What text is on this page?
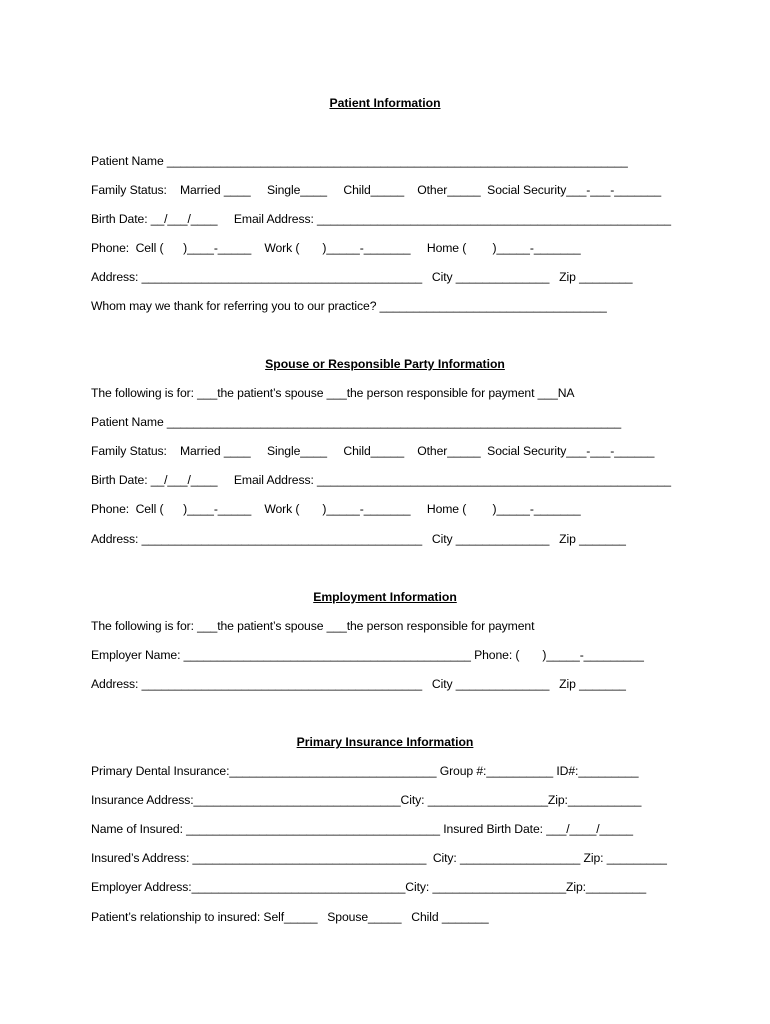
Patient Information
Patient Name _____________________________________________________________________
Family Status:    Married ____     Single____     Child_____    Other_____  Social Security___-___-_______
Birth Date: __/___/____     Email Address: _____________________________________________________
Phone:  Cell (      )____-_____    Work (       )_____-_______     Home (        )_____-_______
Address: __________________________________________   City ______________   Zip ________
Whom may we thank for referring you to our practice? __________________________________
Spouse or Responsible Party Information
The following is for: ___the patient’s spouse ___the person responsible for payment ___NA
Patient Name ____________________________________________________________________
Family Status:    Married ____     Single____     Child_____    Other_____  Social Security___-___-______
Birth Date: __/___/____     Email Address: _____________________________________________________
Phone:  Cell (      )____-_____    Work (       )_____-_______     Home (        )_____-_______
Address: __________________________________________   City ______________   Zip _______
Employment Information
The following is for: ___the patient’s spouse ___the person responsible for payment
Employer Name: ___________________________________________ Phone: (       )_____-_________
Address: __________________________________________   City ______________   Zip _______
Primary Insurance Information
Primary Dental Insurance:_______________________________ Group #:__________ ID#:_________
Insurance Address:_______________________________City: __________________Zip:___________
Name of Insured: ______________________________________ Insured Birth Date: ___/____/_____
Insured’s Address: ___________________________________  City: __________________ Zip: _________
Employer Address:________________________________City: ____________________Zip:_________
Patient’s relationship to insured: Self_____   Spouse_____   Child _______
